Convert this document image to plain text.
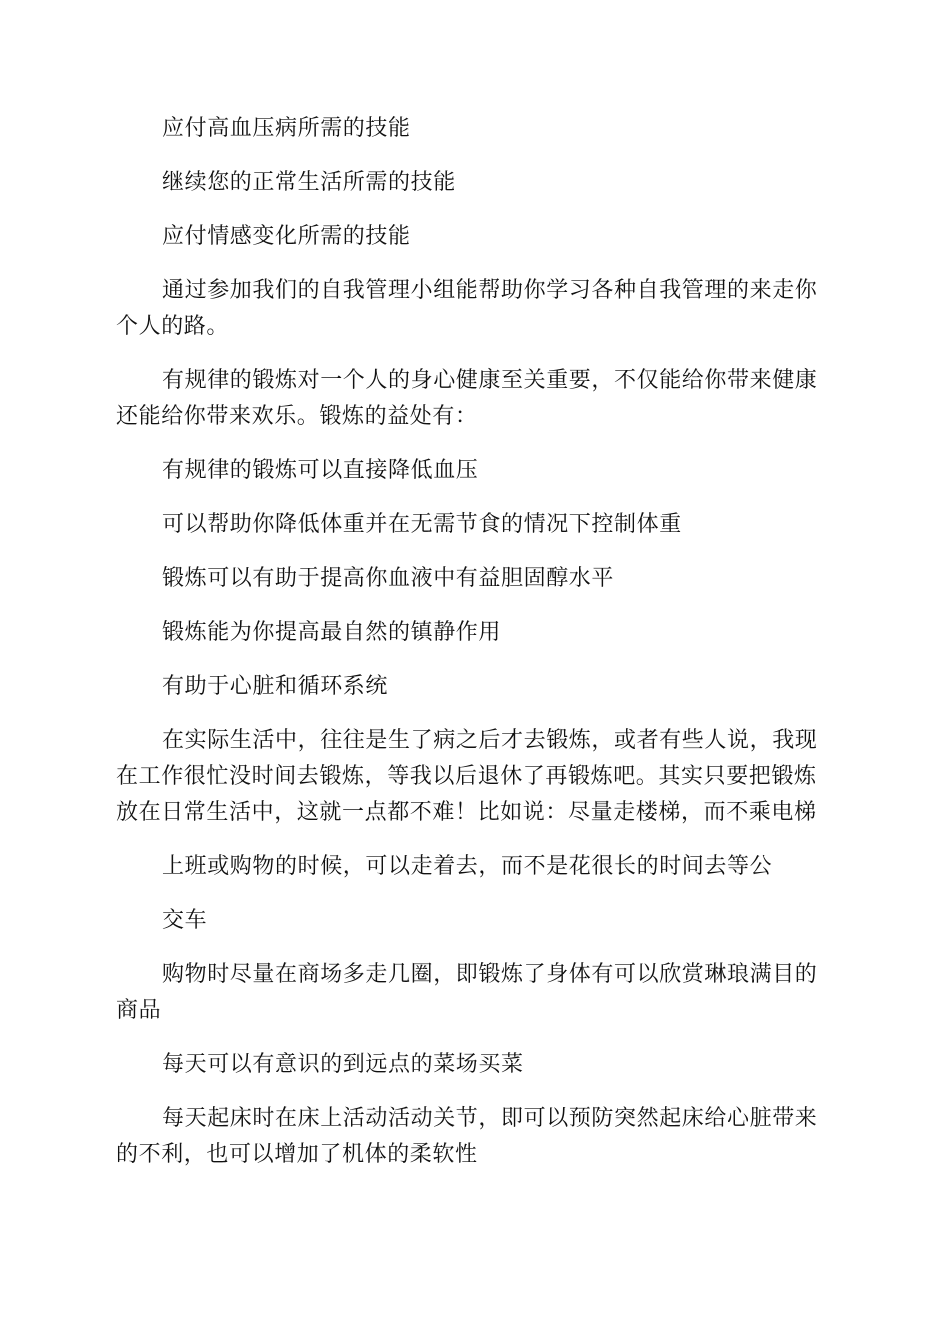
应付高血压病所需的技能

继续您的正常生活所需的技能

应付情感变化所需的技能

通过参加我们的自我管理小组能帮助你学习各种自我管理的来走你个人的路。

有规律的锻炼对一个人的身心健康至关重要，不仅能给你带来健康还能给你带来欢乐。锻炼的益处有：

有规律的锻炼可以直接降低血压

可以帮助你降低体重并在无需节食的情况下控制体重

锻炼可以有助于提高你血液中有益胆固醇水平

锻炼能为你提高最自然的镇静作用

有助于心脏和循环系统

在实际生活中，往往是生了病之后才去锻炼，或者有些人说，我现在工作很忙没时间去锻炼，等我以后退休了再锻炼吧。其实只要把锻炼放在日常生活中，这就一点都不难！比如说：尽量走楼梯，而不乘电梯

上班或购物的时候，可以走着去，而不是花很长的时间去等公

交车

购物时尽量在商场多走几圈，即锻炼了身体有可以欣赏琳琅满目的商品

每天可以有意识的到远点的菜场买菜

每天起床时在床上活动活动关节，即可以预防突然起床给心脏带来的不利，也可以增加了机体的柔软性
